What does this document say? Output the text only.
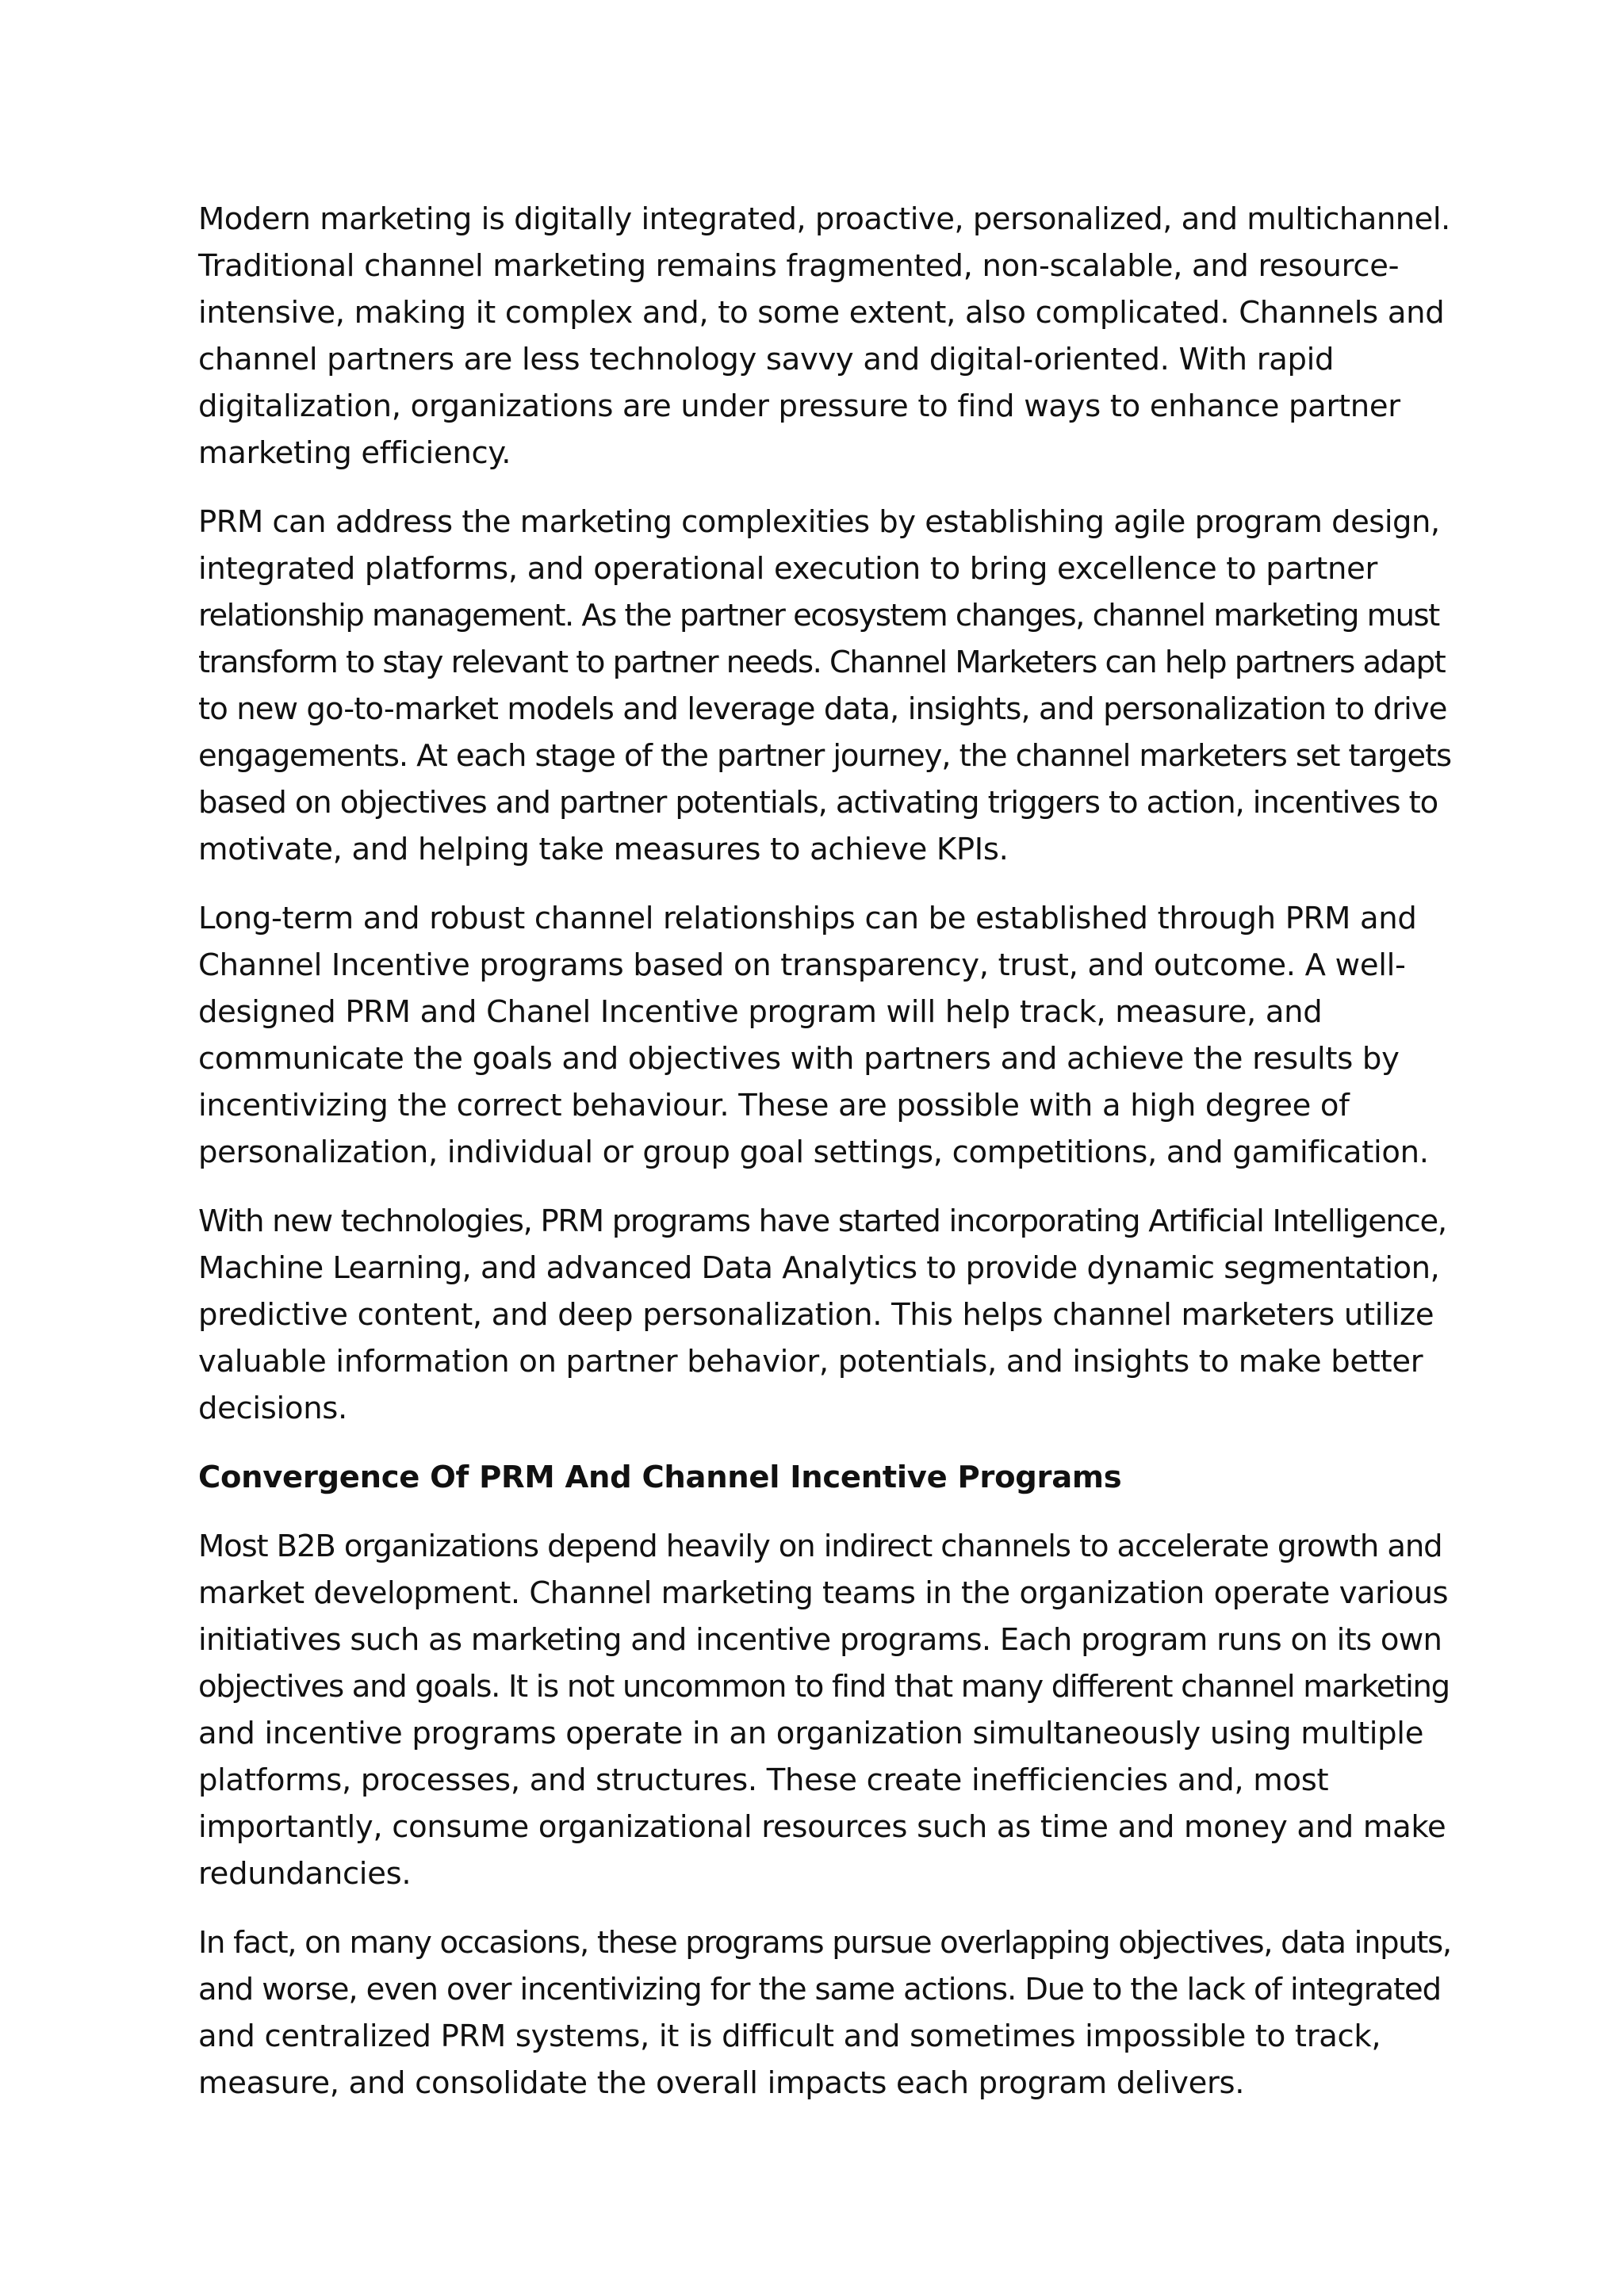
Modern marketing is digitally integrated, proactive, personalized, and multichannel.
Traditional channel marketing remains fragmented, non-scalable, and resource-
intensive, making it complex and, to some extent, also complicated. Channels and
channel partners are less technology savvy and digital-oriented. With rapid
digitalization, organizations are under pressure to find ways to enhance partner
marketing efficiency.

PRM can address the marketing complexities by establishing agile program design,
integrated platforms, and operational execution to bring excellence to partner
relationship management. As the partner ecosystem changes, channel marketing must
transform to stay relevant to partner needs. Channel Marketers can help partners adapt
to new go-to-market models and leverage data, insights, and personalization to drive
engagements. At each stage of the partner journey, the channel marketers set targets
based on objectives and partner potentials, activating triggers to action, incentives to
motivate, and helping take measures to achieve KPIs.

Long-term and robust channel relationships can be established through PRM and
Channel Incentive programs based on transparency, trust, and outcome. A well-
designed PRM and Chanel Incentive program will help track, measure, and
communicate the goals and objectives with partners and achieve the results by
incentivizing the correct behaviour. These are possible with a high degree of
personalization, individual or group goal settings, competitions, and gamification.

With new technologies, PRM programs have started incorporating Artificial Intelligence,
Machine Learning, and advanced Data Analytics to provide dynamic segmentation,
predictive content, and deep personalization. This helps channel marketers utilize
valuable information on partner behavior, potentials, and insights to make better
decisions.

Convergence Of PRM And Channel Incentive Programs

Most B2B organizations depend heavily on indirect channels to accelerate growth and
market development. Channel marketing teams in the organization operate various
initiatives such as marketing and incentive programs. Each program runs on its own
objectives and goals. It is not uncommon to find that many different channel marketing
and incentive programs operate in an organization simultaneously using multiple
platforms, processes, and structures. These create inefficiencies and, most
importantly, consume organizational resources such as time and money and make
redundancies.

In fact, on many occasions, these programs pursue overlapping objectives, data inputs,
and worse, even over incentivizing for the same actions. Due to the lack of integrated
and centralized PRM systems, it is difficult and sometimes impossible to track,
measure, and consolidate the overall impacts each program delivers.
